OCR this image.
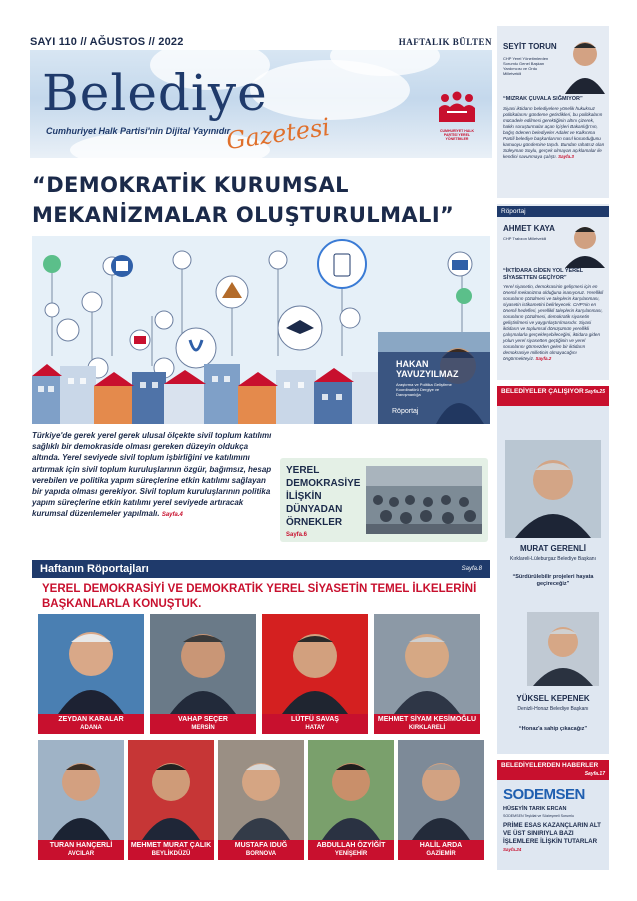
SAYI 110 // AĞUSTOS // 2022	HAFTALIK BÜLTEN
Belediye
Gazetesi
Cumhuriyet Halk Partisi'nin Dijital Yayınıdır	CUMHURİYET HALK PARTİSİ YEREL YÖNETİMLER
“DEMOKRATİK KURUMSAL MEKANİZMALAR OLUŞTURULMALI”
HAKAN YAVUZYILMAZ
Araştırma ve Politika Geliştirme Koordinatörü Dergiye ve Danışmanlığa
Röportaj
Türkiye'de gerek yerel gerek ulusal ölçekte sivil toplum katılımı sağlıklı bir demokraside olması gereken düzeyin oldukça altında. Yerel seviyede sivil toplum işbirliğini ve katılımını artırmak için sivil toplum kuruluşlarının özgür, bağımsız, hesap verebilen ve politika yapım süreçlerine etkin katılımı sağlayan bir yapıda olması gerekiyor. Sivil toplum kuruluşlarının politika yapım süreçlerine etkin katılımı yerel seviyede artıracak kurumsal düzenlemeler yapılmalı. Sayfa.4
YEREL DEMOKRASİYE İLİŞKİN DÜNYADAN ÖRNEKLER
Sayfa.6
Haftanın Röportajları	Sayfa.8
YEREL DEMOKRASİYİ VE DEMOKRATİK YEREL SİYASETİN TEMEL İLKELERİNİ BAŞKANLARLA KONUŞTUK.
ZEYDAN KARALAR
ADANA
VAHAP SEÇER
MERSİN
LÜTFÜ SAVAŞ
HATAY
MEHMET SİYAM KESİMOĞLU
KIRKLARELİ
TURAN HANÇERLİ
AVCILAR
MEHMET MURAT ÇALIK
BEYLİKDÜZÜ
MUSTAFA IDUĞ
BORNOVA
ABDULLAH ÖZYİĞİT
YENİŞEHİR
HALİL ARDA
GAZİEMİR
SEYİT TORUN
CHP Yerel Yönetimlerden Sorumlu Genel Başkan Yardımcısı ve Ordu Milletvekili
“MIZRAK ÇUVALA SIĞMIYOR”
Siyasi iktidarın belediyelere yönelik hukuksuz politikalarını gündeme getirdikleri, bu politikaların mücadele edilmesi gerektiğinin altını çizerek, hakkı soruşturmalar açan İçişleri Bakanlığı'nın, bağış ödenen belediyeler Adalet ve Kalkınma Partili belediye başkanlarının nasıl korunduğunu kamuoyu gündemine taşıdı. Bundan rahatsız olan Süleyman Soylu, gerçek olmayan açıklamalar ile kendini savunmaya çalıştı. Sayfa.3
Röportaj
AHMET KAYA
CHP Trabzon Milletvekili
“İKTİDARA GİDEN YOL YEREL SİYASETTEN GEÇİYOR”
Yerel siyasetin, demokrasinin gelişmesi için en önemli mekanizma olduğuna inanıyoruz. Yerellikli sorunların çözülmesi ve taleplerin karşılanması, siyasetin istikametini belirleyecek. CHP'nin en önemli hedefleri, yerellikli taleplerin karşılanması, sorunların çözülmesi, demokratik siyasetin geliştirilmesi ve yaygınlaştırılmasıdır. Siyasi iktidarın ve toplumsal dönüşümün yerellikli çalışmalarla gerçekleşebileceğini, iktidara giden yolun yerel siyasetten geçtiğinin ve yerel sorunlarını görmezden gelen bir iktidarın demokrasiye milletinin olmayacağını öngörmekteyiz. Sayfa.2
BELEDİYELER ÇALIŞIYOR Sayfa.25
MURAT GERENLİ
Kırklareli-Lüleburgaz Belediye Başkanı
“Sürdürülebilir projeleri hayata geçireceğiz”
YÜKSEL KEPENEK
Denizli-Honaz Belediye Başkanı
“Honaz'a sahip çıkacağız”
BELEDİYELERDEN HABERLER
Sayfa.17
SODEMSEN
HÜSEYİN TARIK ERCAN
SODEMSEN Teşkilat ve Sözleşmeli Sorumlu
PRİME ESAS KAZANÇLARIN ALT VE ÜST SINIRIYLA BAZI İŞLEMLERE İLİŞKİN TUTARLAR Sayfa.24
